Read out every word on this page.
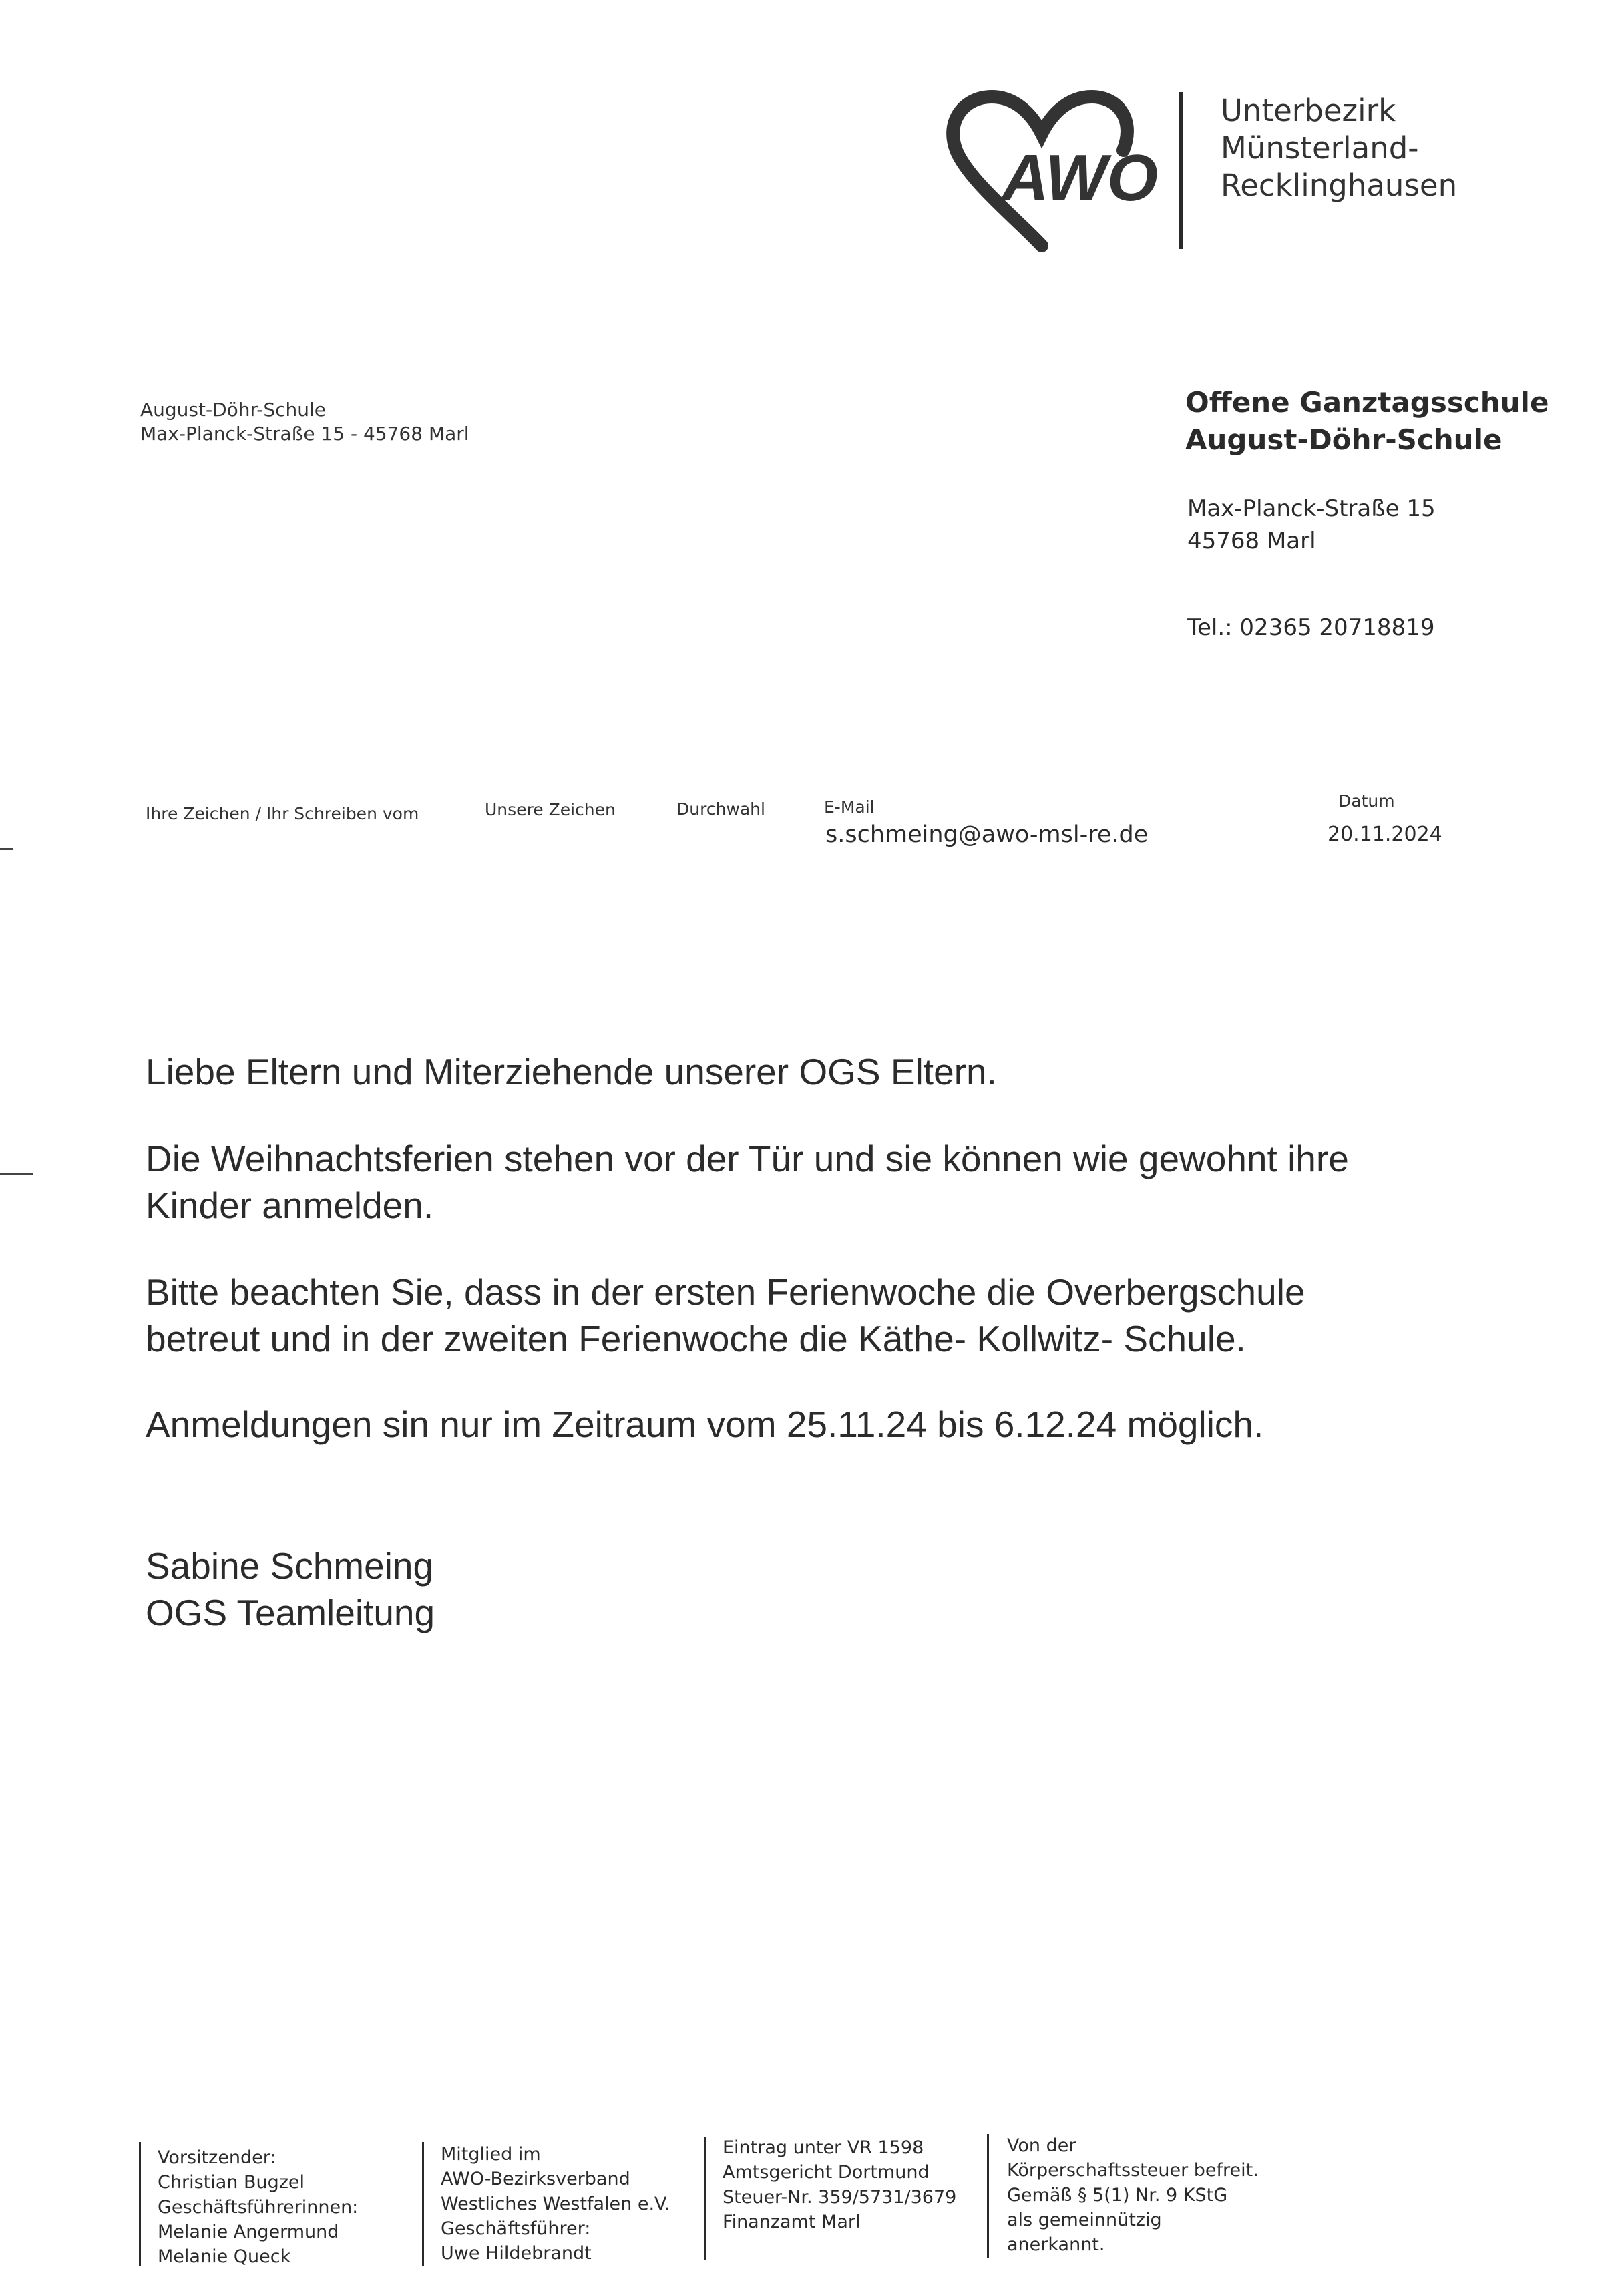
AWO
Unterbezirk
Münsterland-
Recklinghausen
August-Döhr-Schule
Max-Planck-Straße 15 - 45768 Marl
Offene Ganztagsschule
August-Döhr-Schule
Max-Planck-Straße 15
45768 Marl
Tel.: 02365 20718819
Ihre Zeichen / Ihr Schreiben vom	Unsere Zeichen	Durchwahl	E-Mail
s.schmeing@awo-msl-re.de
Datum
20.11.2024

Liebe Eltern und Miterziehende unserer OGS Eltern.

Die Weihnachtsferien stehen vor der Tür und sie können wie gewohnt ihre

Kinder anmelden.

Bitte beachten Sie, dass in der ersten Ferienwoche die Overbergschule

betreut und in der zweiten Ferienwoche die Käthe- Kollwitz- Schule.

Anmeldungen sin nur im Zeitraum vom 25.11.24 bis 6.12.24 möglich.

Sabine Schmeing

OGS Teamleitung

Vorsitzender:
Christian Bugzel
Geschäftsführerinnen:
Melanie Angermund
Melanie Queck
Mitglied im
AWO-Bezirksverband
Westliches Westfalen e.V.
Geschäftsführer:
Uwe Hildebrandt
Eintrag unter VR 1598
Amtsgericht Dortmund
Steuer-Nr. 359/5731/3679
Finanzamt Marl
Von der
Körperschaftssteuer befreit.
Gemäß § 5(1) Nr. 9 KStG
als gemeinnützig
anerkannt.
